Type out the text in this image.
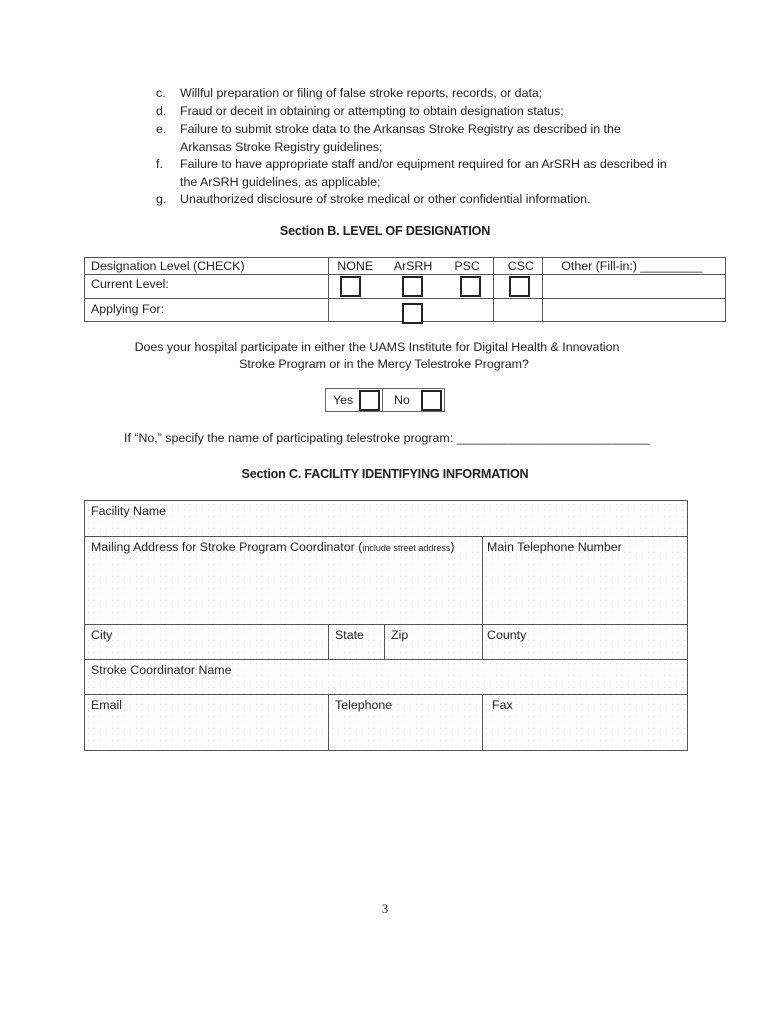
c.	Willful preparation or filing of false stroke reports, records, or data;
d.	Fraud or deceit in obtaining or attempting to obtain designation status;
e.	Failure to submit stroke data to the Arkansas Stroke Registry as described in the
Arkansas Stroke Registry guidelines;
f.	Failure to have appropriate staff and/or equipment required for an ArSRH as described in
the ArSRH guidelines, as applicable;
g.	Unauthorized disclosure of stroke medical or other confidential information.
Section B. LEVEL OF DESIGNATION
Designation Level (CHECK)	NONE	ArSRH	PSC	CSC	Other (Fill-in:) _________

Current Level:					

Applying For:					

Does your hospital participate in either the UAMS Institute for Digital Health & Innovation
Stroke Program or in the Mercy Telestroke Program?
Yes	No
If “No,” specify the name of participating telestroke program: ____________________________
Section C. FACILITY IDENTIFYING INFORMATION
Facility Name			

Mailing Address for Stroke Program Coordinator (include street address)			Main Telephone Number

City	State	Zip	County

Stroke Coordinator Name			

Email	Telephone		Fax
3
